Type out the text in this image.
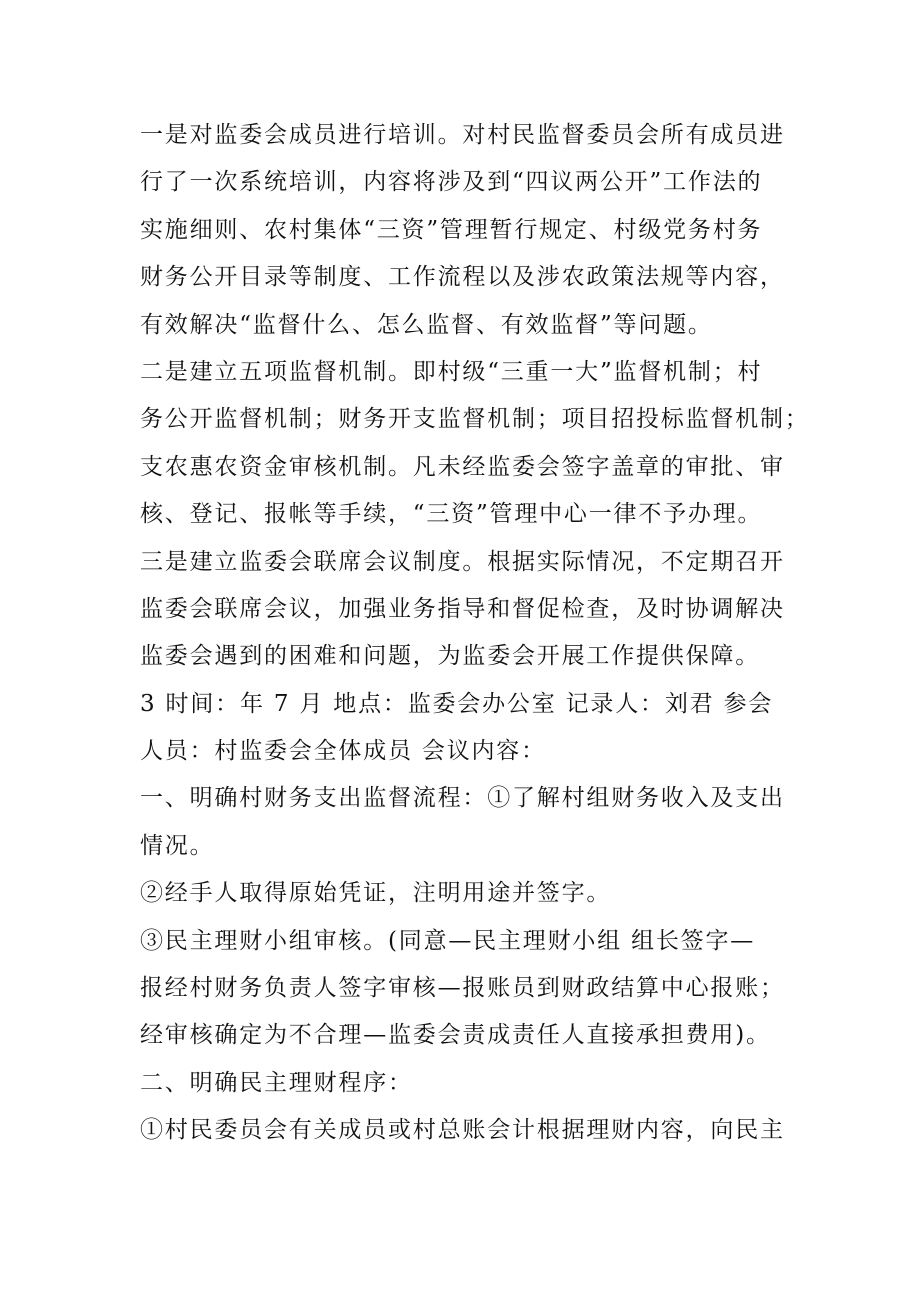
一是对监委会成员进行培训。对村民监督委员会所有成员进
行了一次系统培训，内容将涉及到“四议两公开”工作法的
实施细则、农村集体“三资”管理暂行规定、村级党务村务
财务公开目录等制度、工作流程以及涉农政策法规等内容，
有效解决“监督什么、怎么监督、有效监督”等问题。
二是建立五项监督机制。即村级“三重一大”监督机制；村
务公开监督机制；财务开支监督机制；项目招投标监督机制；
支农惠农资金审核机制。凡未经监委会签字盖章的审批、审
核、登记、报帐等手续，“三资”管理中心一律不予办理。
三是建立监委会联席会议制度。根据实际情况，不定期召开
监委会联席会议，加强业务指导和督促检查，及时协调解决
监委会遇到的困难和问题，为监委会开展工作提供保障。
3 时间：年 7 月 地点：监委会办公室 记录人：刘君 参会
人员：村监委会全体成员 会议内容：
一、明确村财务支出监督流程：①了解村组财务收入及支出
情况。
②经手人取得原始凭证，注明用途并签字。
③民主理财小组审核。(同意—民主理财小组 组长签字—
报经村财务负责人签字审核—报账员到财政结算中心报账；
经审核确定为不合理—监委会责成责任人直接承担费用)。
二、明确民主理财程序：
①村民委员会有关成员或村总账会计根据理财内容，向民主
